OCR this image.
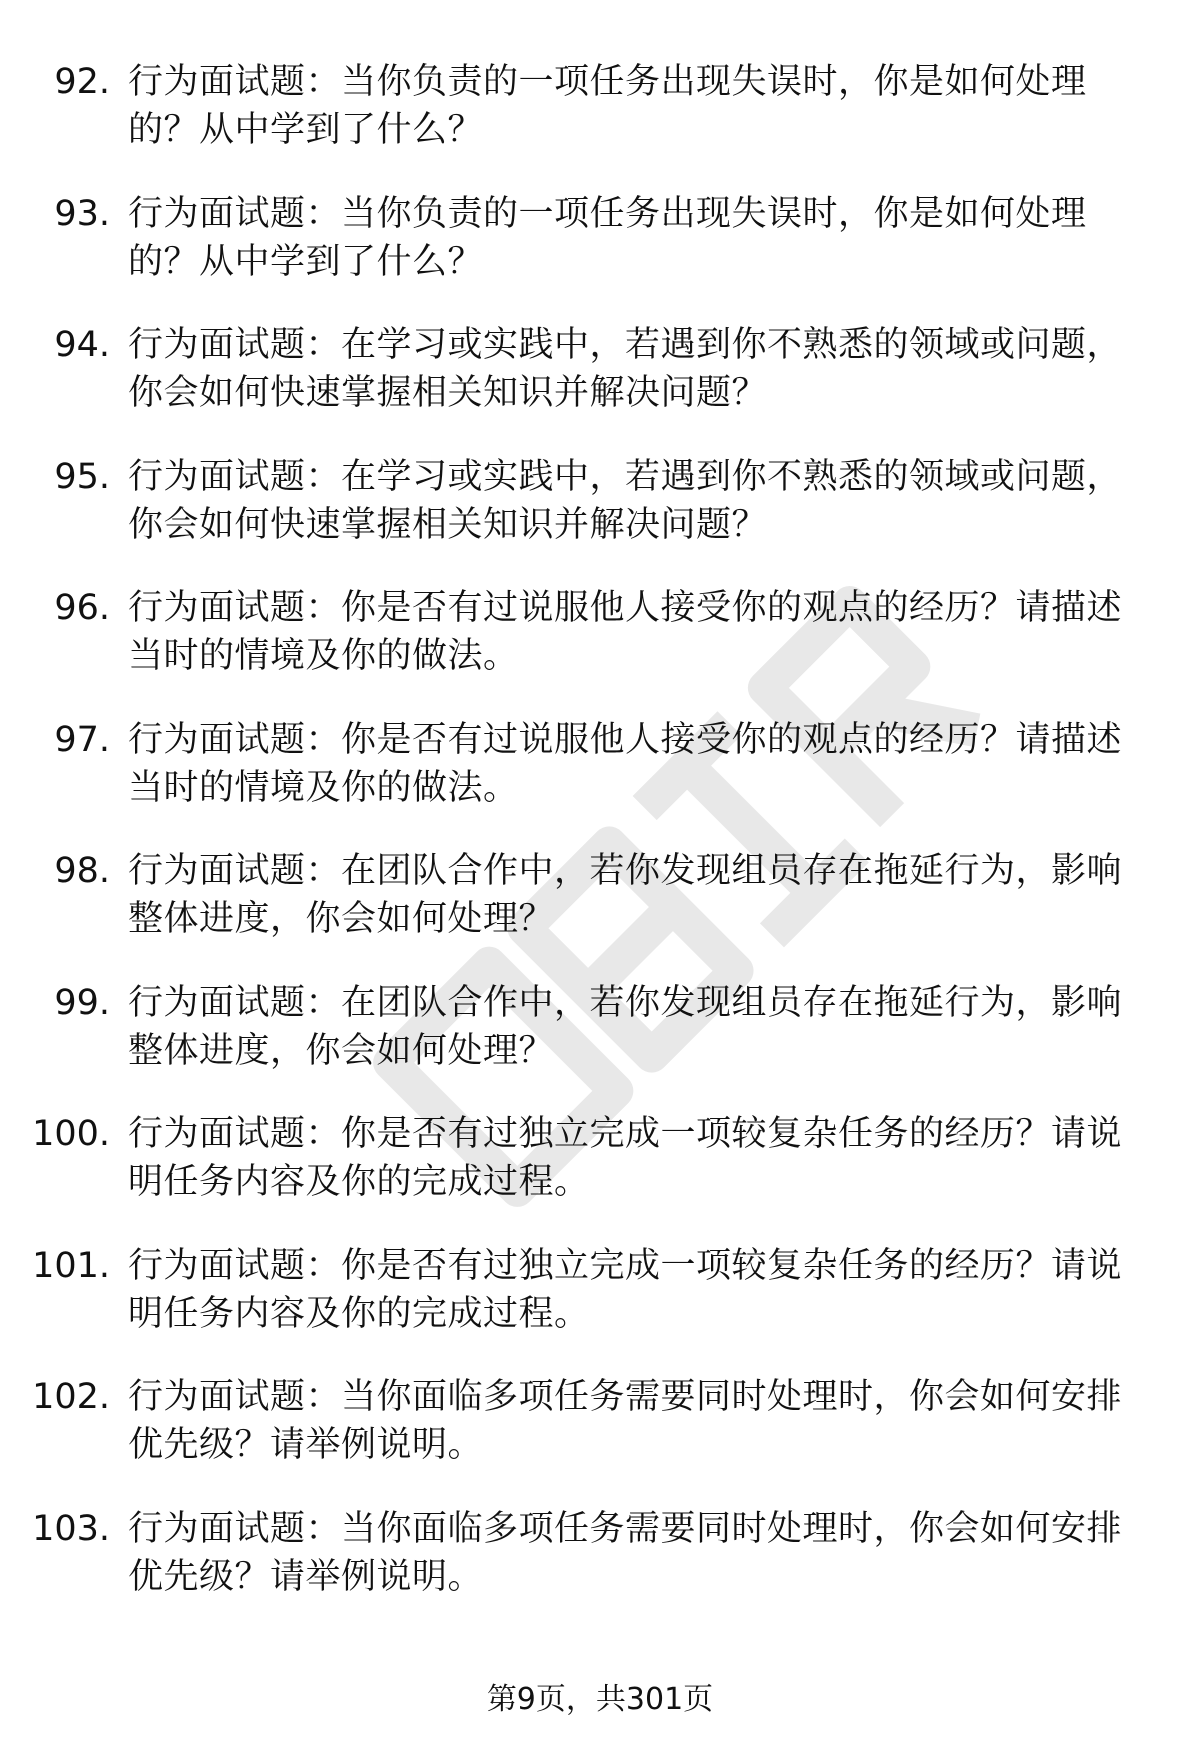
92. 行为面试题：当你负责的一项任务出现失误时，你是如何处理的？从中学到了什么？
93. 行为面试题：当你负责的一项任务出现失误时，你是如何处理的？从中学到了什么？
94. 行为面试题：在学习或实践中，若遇到你不熟悉的领域或问题，你会如何快速掌握相关知识并解决问题？
95. 行为面试题：在学习或实践中，若遇到你不熟悉的领域或问题，你会如何快速掌握相关知识并解决问题？
96. 行为面试题：你是否有过说服他人接受你的观点的经历？请描述当时的情境及你的做法。
97. 行为面试题：你是否有过说服他人接受你的观点的经历？请描述当时的情境及你的做法。
98. 行为面试题：在团队合作中，若你发现组员存在拖延行为，影响整体进度，你会如何处理？
99. 行为面试题：在团队合作中，若你发现组员存在拖延行为，影响整体进度，你会如何处理？
100. 行为面试题：你是否有过独立完成一项较复杂任务的经历？请说明任务内容及你的完成过程。
101. 行为面试题：你是否有过独立完成一项较复杂任务的经历？请说明任务内容及你的完成过程。
102. 行为面试题：当你面临多项任务需要同时处理时，你会如何安排优先级？请举例说明。
103. 行为面试题：当你面临多项任务需要同时处理时，你会如何安排优先级？请举例说明。
第9页，共301页
